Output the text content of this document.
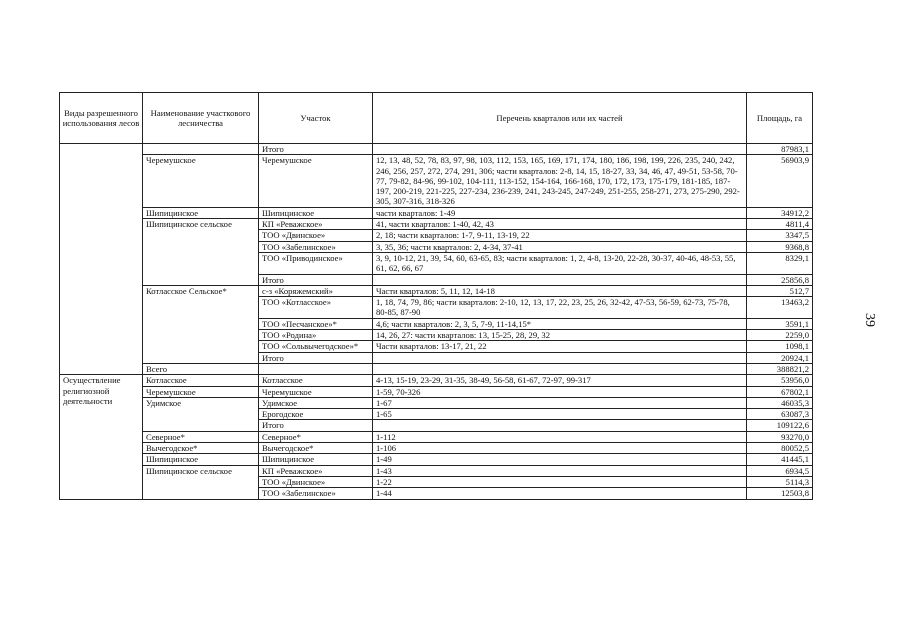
Виды разрешенного использования лесов	Наименование участкового лесничества	Участок	Перечень кварталов или их частей	Площадь, га
		Итого		87983,1
	Черемушское	Черемушское	12, 13, 48, 52, 78, 83, 97, 98, 103, 112, 153, 165, 169, 171, 174, 180, 186, 198, 199, 226, 235, 240, 242, 246, 256, 257, 272, 274, 291, 306; части кварталов: 2-8, 14, 15, 18-27, 33, 34, 46, 47, 49-51, 53-58, 70-77, 79-82, 84-96, 99-102, 104-111, 113-152, 154-164, 166-168, 170, 172, 173, 175-179, 181-185, 187-197, 200-219, 221-225, 227-234, 236-239, 241, 243-245, 247-249, 251-255, 258-271, 273, 275-290, 292-305, 307-316, 318-326	56903,9
	Шипицинское	Шипицинское	части кварталов: 1-49	34912,2
	Шипицинское сельское	КП «Реважское»	41, части кварталов: 1-40, 42, 43	4811,4
		ТОО «Двинское»	2, 18; части кварталов: 1-7, 9-11, 13-19, 22	3347,5
		ТОО «Забелинское»	3, 35, 36; части кварталов: 2, 4-34, 37-41	9368,8
		ТОО «Приводинское»	3, 9, 10-12, 21, 39, 54, 60, 63-65, 83; части кварталов: 1, 2, 4-8, 13-20, 22-28, 30-37, 40-46, 48-53, 55, 61, 62, 66, 67	8329,1
		Итого		25856,8
	Котласское Сельское*	с-з «Коряжемский»	Части кварталов: 5, 11, 12, 14-18	512,7
		ТОО «Котласское»	1, 18, 74, 79, 86; части кварталов: 2-10, 12, 13, 17, 22, 23, 25, 26, 32-42, 47-53, 56-59, 62-73, 75-78, 80-85, 87-90	13463,2
		ТОО «Песчанское»*	4,6; части кварталов: 2, 3, 5, 7-9, 11-14,15*	3591,1
		ТОО «Родина»	14, 26, 27: части кварталов: 13, 15-25, 28, 29, 32	2259,0
		ТОО «Сольвычегодское»*	Части кварталов: 13-17, 21, 22	1098,1
		Итого		20924,1
	Всего			388821,2
Осуществление религиозной деятельности	Котласское	Котласское	4-13, 15-19, 23-29, 31-35, 38-49, 56-58, 61-67, 72-97, 99-317	53956,0
	Черемушское	Черемушское	1-59, 70-326	67802,1
	Удимское	Удимское	1-67	46035,3
		Ерогодское	1-65	63087,3
		Итого		109122,6
	Северное*	Северное*	1-112	93270,0
	Вычегодское*	Вычегодское*	1-106	80052,5
	Шипицинское	Шипицинское	1-49	41445,1
	Шипицинское сельское	КП «Реважское»	1-43	6934,5
		ТОО «Двинское»	1-22	5114,3
		ТОО «Забелинское»	1-44	12503,8
39
